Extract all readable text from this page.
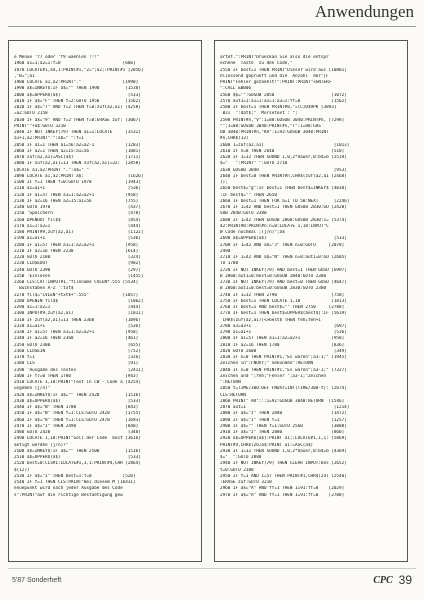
Anwendungen
e Menue 'f7 oder 'f9 waehlen !!!"
1960 a1=1:a2=1:f=0                        [606]
1970 LOCATE#1,44,1:PRINT#1,"2=";a2;:PRINT#1 [2856]
,"B=";a1
1980 LOCATE a1,a2:PRINT"."                [1990]
1990 a$=INKEY$:IF a$="" THEN 1990          [1538]
2000 a$=UPPER$(a$)                          [533]
2010 IF a$="F" THEN f=2:GOTO 1950          [1562]
2020 IF a$="7" AND f=2 THEN f=0:zuf(a2,a1) [4258]
=a2:GOTO 2150
2030 IF a$="9" AND f=2 THEN f=0:ERASE zuf: [3067]
PRINT""+a$:GOTO 3210
2040 IF NOT INKEY(79) THEN a1=1:LOCATE     [3532]
a1+1,a2:PRINT" ":a$=" ":f=1
2050 IF a1=1 THEN a1=56:a2=a2-1            [1283]
2060 IF a2=1 THEN a2=15:a1=56              [1001]
2070 zuf(a2,a1)=ASC(a$)                    [1711]
2080 IF zuf(a2,a1)=13 THEN zuf(a2,a1)=32:  [2858]
LOCATE a1,a2:PRINT ".":a$=" "
2090 LOCATE a1,a2:PRINT a$;                 [1626]
2100 IF f=1 THEN f=0:GOTO 1970             [1943]
2110 a1=a1+1                                [536]
2120 IF a1=57 THEN a1=1:a2=a2+1            [958]
2130 IF a2=16 THEN a2=15:a1=56             [755]
2140 GOTO 1970                              [437]
2150 'Speichern                             [478]
2160 OPENOUT fil$$                          [854]
2170 a1=1:a2=1                              [444]
2180 PRINT#9,zuf(a2,a1)                     [1122]
2190 a1=a1+1                                [536]
2200 IF a1=57 THEN a1=1:a2=a2+1            [958]
2210 IF a2=16 THEN 2230                    [614]
2220 GOTO 2180                              [324]
2230 CLOSEOUT                               [902]
2240 GOTO 2390                              [297]
2250 'Einlesen                              [1455]
2260 CLS:CAT:INPUT#1,"filename CVLEN*.555 [5534]
Buchstaben A-Z ':txt$
2270 fil$="CVLEN"+txt$+".555"             [1057]
2280 OPENIN fil$$                           [1062]
2290 a1=1:a2=1                              [444]
2300 INPUT#9,zuf(a2,a1)                     [1011]
2310 IF zuf(a2,a1)=13 THEN 2360            [1096]
2320 a1=a1+1                                [536]
2330 IF a1=57 THEN a1=1:a2=a2+1            [958]
2340 IF a2=16 THEN 2360                    [461]
2350 GOTO 2300                              [655]
2360 CLOSEIN                                [752]
2370 f=1                                    [326]
2380 CLS                                    [91]
2390 'Ausgabe des Textes                    [2411]
2400 IF f7=0 THEN 1780                     [943]
2410 LOCATE 1,18:PRINT"Text in CW - Code a [4254]
usgeben (j/n)"
2420 a$=INKEY$:IF a$="" THEN 2420          [1516]
2430 a$=UPPER$(a$)                          [533]
2440 IF a$="N" THEN 1780                   [843]
2450 IF a$="N" THEN f=1:CLS:GOTO 2420      [1755]
2460 IF a$="8" THEN f=1:CLS:GOTO 2470      [1693]
2470 IF a$="J" THEN 2490                   [840]
2480 GOTO 2420                              [348]
2490 LOCATE 1,18:PRINT"Soll der Code  best [3616]
aetigt werden (j/n)?"
2500 a$=INKEY$:IF a$="" THEN 2500          [1516]
2510 a$=UPPER$(a$)                          [533]
2520 best=0:CLS#1:LOCATE#1,3,1:PRINT#4,CHR [2864]
$(127)
2530 IF a$="J" THEN best=1:f=0            [520]
2540 IF f=1 THEN CLS:PRINT"Bei diesem M [16431]
enuepunkt wird nach jeder Ausgabe des Code
s":PRINT"auf die richtige Bestaetigung gew
artet.":PRINT"Drueckan Sie also die entspr
echene  Taste  zu den Code,"
2550 IF best=1 THEN PRINT"Dieser wird aus [10801]
hliessend geprueft und die  Anzahl  der"|F
PRINT"Fehler gezaehlt!":PRINT:PRINT"<ENTER>
":CALL &BB06
2560 $$="":GOSUB 2850                      [1072]
2570 aut1=1:a1=1:a2=1:a3=1:ff=0            [1562]
2580 IF best=1 THEN PRINT#8,"=(C)D$9PK [3893]
BJI  ":dat$;"  Morsetext : ";
2590 PRINT#n,"V":1=88:GOSUB 3040:PRINT#n, [7298]
"";1=88:GOSUB 3040:PRINT#n,"T":1=88:GOS
UB 3040:PRINT#n,"KA":1=93:GOSUB 3040:PRINT
#n,CHR$(13)
2600 1=zuf(a2,a1)                           [1013]
2610 IF n=8 THEN 2640                      [518]
2620 IF 1=32 THEN SOUND 1,0,2*dauer,0:b$=b [2519]
$="   ":PRINT" ":GOTO 2710
2630 GOSUB 3040                             [953]
2640 IF best=0 THEN PRINT#n,CHR$(zuf(a2,a1 [2468]
));
2650 best$="g":IF best=1 THEN best$=INKEY$ [4038]
:IF best$="" THEN 2650
2660 IF best=1 THEN FOR a=1 TO 50:NEXT      [2246]
2670 IF 1=42 AND best=1 THEN GOSUB 2830:GO [2420]
SUB 2840:GOTO 2380
2680 IF 1=42 THEN GOSUB 2860:GOSUB 2830:1= [5374]
42:PRINT#8:PRINT#n:n=0:LOCATE 1,18:INPUT"C
W Code nochmal ;(j/n)";a$
2690 a$=UPPER$(a$)                          [533]
2700 IF 1=42 AND a$="J" THEN n=0:GOTO     [2078]
2490
2710 IF 1=42 AND a$="N" THEN n=0:aut1=0:GO [2605]
TO 1780
2720 IF NOT INKEY(79) AND best=1 THEN GOSU [6997]
B 2860:aut1=0:best=0:GOSUB 2840:GOTO 2380
2730 IF NOT INKEY(79) AND best=0 THEN GOSU [4647]
B 2860:aut1=0:best=0:GOSUB 2830:GOTO 2380
2740 IF 1=32 THEN 2790                     [758]
2750 IF best=1 THEN LOCATE 1,18            [1813]
2760 IF best=1 AND best$="" THEN 2750     [2788]
2770 IF best=1 THEN best$=UPPER$(best$):IF [5619]
CHR$(zuf(a2,a1))<>best$ THEN feh=feh+1
2780 a3=a3+1                                [697]
2790 a1=a1+1                                [536]
2800 IF a1=57 THEN a1=1:a2=a2+1            [958]
2810 IF a2=16 THEN 1780                    [836]
2820 GOTO 2600                              [349]
2830 IF n=0 THEN PRINT#1,"Es waren";a3-1;" [1945]
Zeichen in";FNUhr;" Sekunden":RETURN
2840 IF n=0 THEN PRINT#1,"Es waren";a3-1;" [7327]
Zeichen und ";feh;"Fehler ";a3-1;"Zeichen
":RETURN
2850 t=TIME/300:DEF FNUhr=INT(TIME/300-t): [2674]
CLS:RETURN
2860 PRINT" AR":::1=92:GOSUB 3040:RETURN  [1546]
2870 aut=1                                  [1214]
2880 IF a$="J" THEN 2840                   [1472]
2890 IF a$="J" THEN f=1                    [1257]
2900 IF a$="" THEN f=1:GOTO 2560           [3008]
2910 IF a$="J" THEN 2880                   [860]
2920 a$=UPPER$(a$):PRINT a1;:LOCATE#1,1,1: [5869]
PRINT#4,CHR$(26)a$:PRINT a1:=ASC(a$)
2930 IF 1=32 THEN SOUND 1,0,2*dauer,0:b$=b [4369]
$="  ":GOTO 2880
2940 IF NOT INKEY(79) THEN CLEAR INPUT:bes [2652]
t=0:GOTO 2380
2950 IF f=1 AND 1=57 THEN PRINT#1,CHR$(24) [2540]
:ERASE zuf:GOTO 3210
2960 IF a$="A" AND ff=1 THEN 1=91:ff=0    [2029]
2970 IF a$="A" AND ff=1 THEN 1=91:ff=0    [2708]
5'87 Sonderheft	CPC 39
